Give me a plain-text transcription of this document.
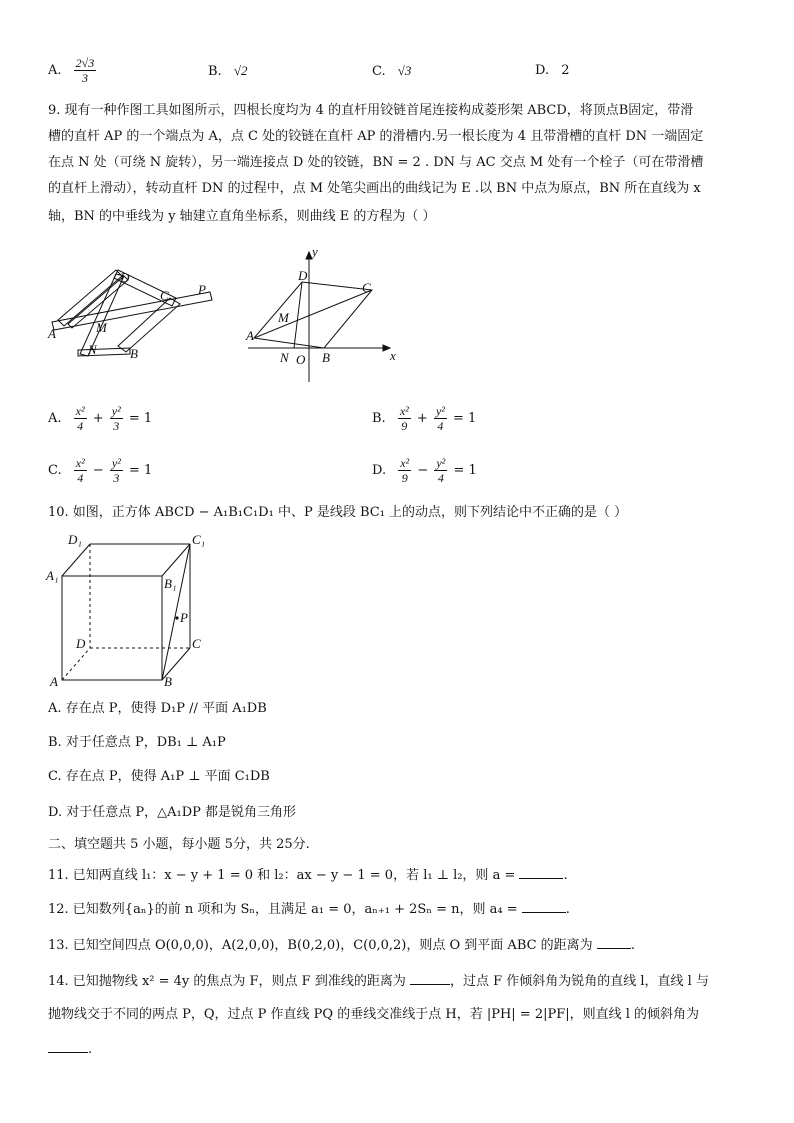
A. $\frac{2√3}{3}$	B. √2	C. √3	D. 2
9. 现有一种作图工具如图所示，四根长度均为 4 的直杆用铰链首尾连接构成菱形架 ABCD，将顶点B固定，带滑
槽的直杆 AP 的一个端点为 A，点 C 处的铰链在直杆 AP 的滑槽内.另一根长度为 4 且带滑槽的直杆 DN 一端固定
在点 N 处（可绕 N 旋转），另一端连接点 D 处的铰链，BN = 2 . DN 与 AC 交点 M 处有一个栓子（可在带滑槽
的直杆上滑动），转动直杆 DN 的过程中，点 M 处笔尖画出的曲线记为 E .以 BN 中点为原点，BN 所在直线为 x
轴，BN 的中垂线为 y 轴建立直角坐标系，则曲线 E 的方程为（ ）
D
C P
M
A
N	B
D
C
M
A
N O B	x
y
A. $\frac{\text{x²}}{4} + \frac{\text{y²}}{3} = 1$	B. $\frac{\text{x²}}{9} + \frac{\text{y²}}{4} = 1$
C. $\frac{\text{x²}}{4} - \frac{\text{y²}}{3} = 1$	D. $\frac{\text{x²}}{9} - \frac{\text{y²}}{4} = 1$
10. 如图，正方体 ABCD − A₁B₁C₁D₁ 中、P 是线段 BC₁ 上的动点，则下列结论中不正确的是（ ）
D₁	C₁
A₁
B₁
P
D	C
A	B
A. 存在点 P，使得 D₁P // 平面 A₁DB
B. 对于任意点 P，DB₁ ⊥ A₁P
C. 存在点 P，使得 A₁P ⊥ 平面 C₁DB
D. 对于任意点 P，△A₁DP 都是锐角三角形
二、填空题共 5 小题，每小题 5分，共 25分.
11. 已知两直线 l₁：x − y + 1 = 0 和 l₂：ax − y − 1 = 0，若 l₁ ⊥ l₂，则 a =	.
12. 已知数列{aₙ}的前 n 项和为 Sₙ，且满足 a₁ = 0，aₙ₊₁ + 2Sₙ = n，则 a₄ =	.
13. 已知空间四点 O(0,0,0)，A(2,0,0)，B(0,2,0)，C(0,0,2)，则点 O 到平面 ABC 的距离为	.
14. 已知抛物线 x² = 4y 的焦点为 F，则点 F 到准线的距离为	，过点 F 作倾斜角为锐角的直线 l，直线 l 与
抛物线交于不同的两点 P，Q，过点 P 作直线 PQ 的垂线交准线于点 H，若 |PH| = 2|PF|，则直线 l 的倾斜角为
.
